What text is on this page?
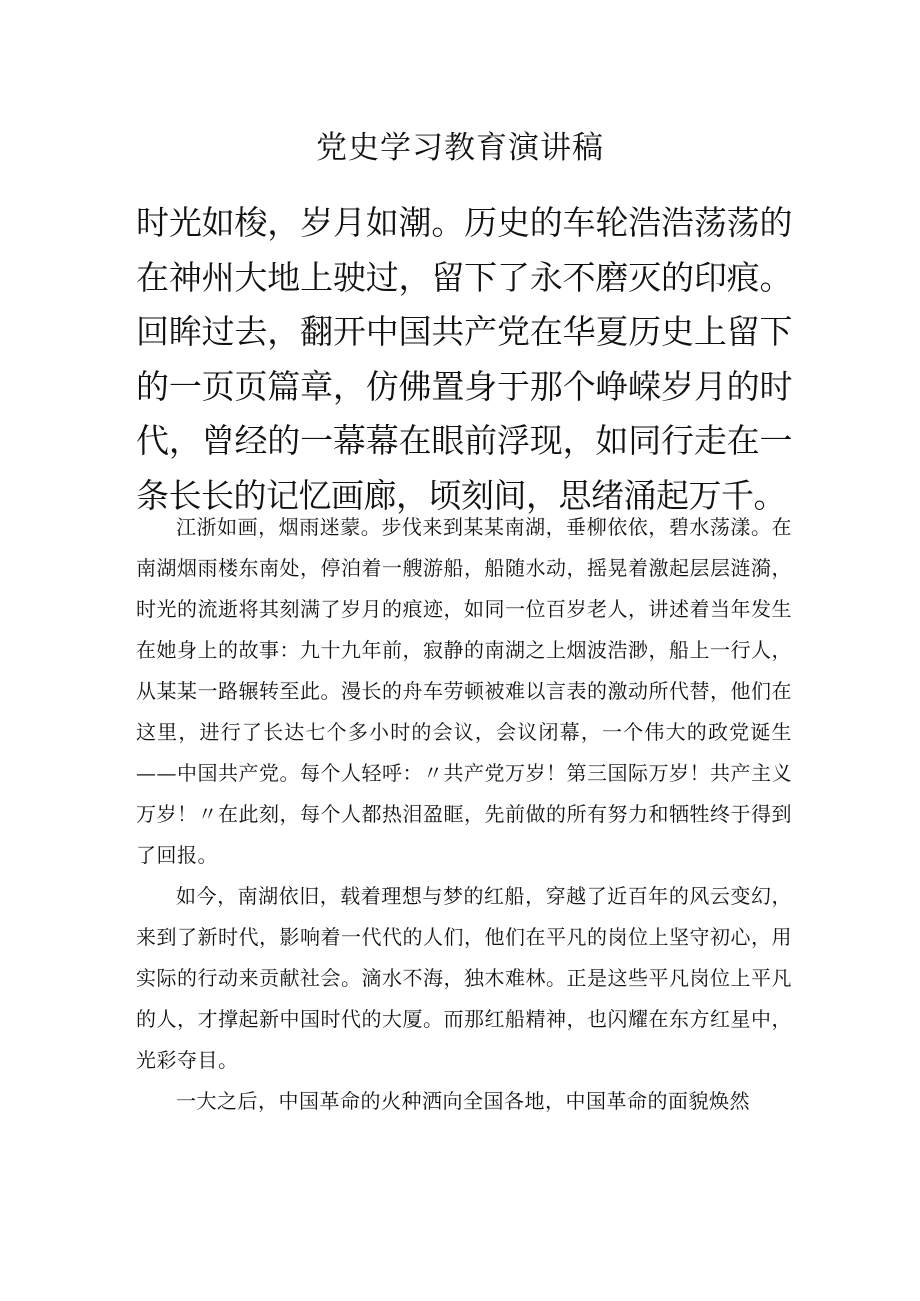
党史学习教育演讲稿

时光如梭，岁月如潮。历史的车轮浩浩荡荡的在神州大地上驶过，留下了永不磨灭的印痕。回眸过去，翻开中国共产党在华夏历史上留下的一页页篇章，仿佛置身于那个峥嵘岁月的时代，曾经的一幕幕在眼前浮现，如同行走在一条长长的记忆画廊，顷刻间，思绪涌起万千。

江浙如画，烟雨迷蒙。步伐来到某某南湖，垂柳依依，碧水荡漾。在南湖烟雨楼东南处，停泊着一艘游船，船随水动，摇晃着激起层层涟漪，时光的流逝将其刻满了岁月的痕迹，如同一位百岁老人，讲述着当年发生在她身上的故事：九十九年前，寂静的南湖之上烟波浩渺，船上一行人，从某某一路辗转至此。漫长的舟车劳顿被难以言表的激动所代替，他们在这里，进行了长达七个多小时的会议，会议闭幕，一个伟大的政党诞生——中国共产党。每个人轻呼：〃共产党万岁！第三国际万岁！共产主义万岁！〃在此刻，每个人都热泪盈眶，先前做的所有努力和牺牲终于得到了回报。

如今，南湖依旧，载着理想与梦的红船，穿越了近百年的风云变幻，来到了新时代，影响着一代代的人们，他们在平凡的岗位上坚守初心，用实际的行动来贡献社会。滴水不海，独木难林。正是这些平凡岗位上平凡的人，才撑起新中国时代的大厦。而那红船精神，也闪耀在东方红星中，光彩夺目。

一大之后，中国革命的火种洒向全国各地，中国革命的面貌焕然
